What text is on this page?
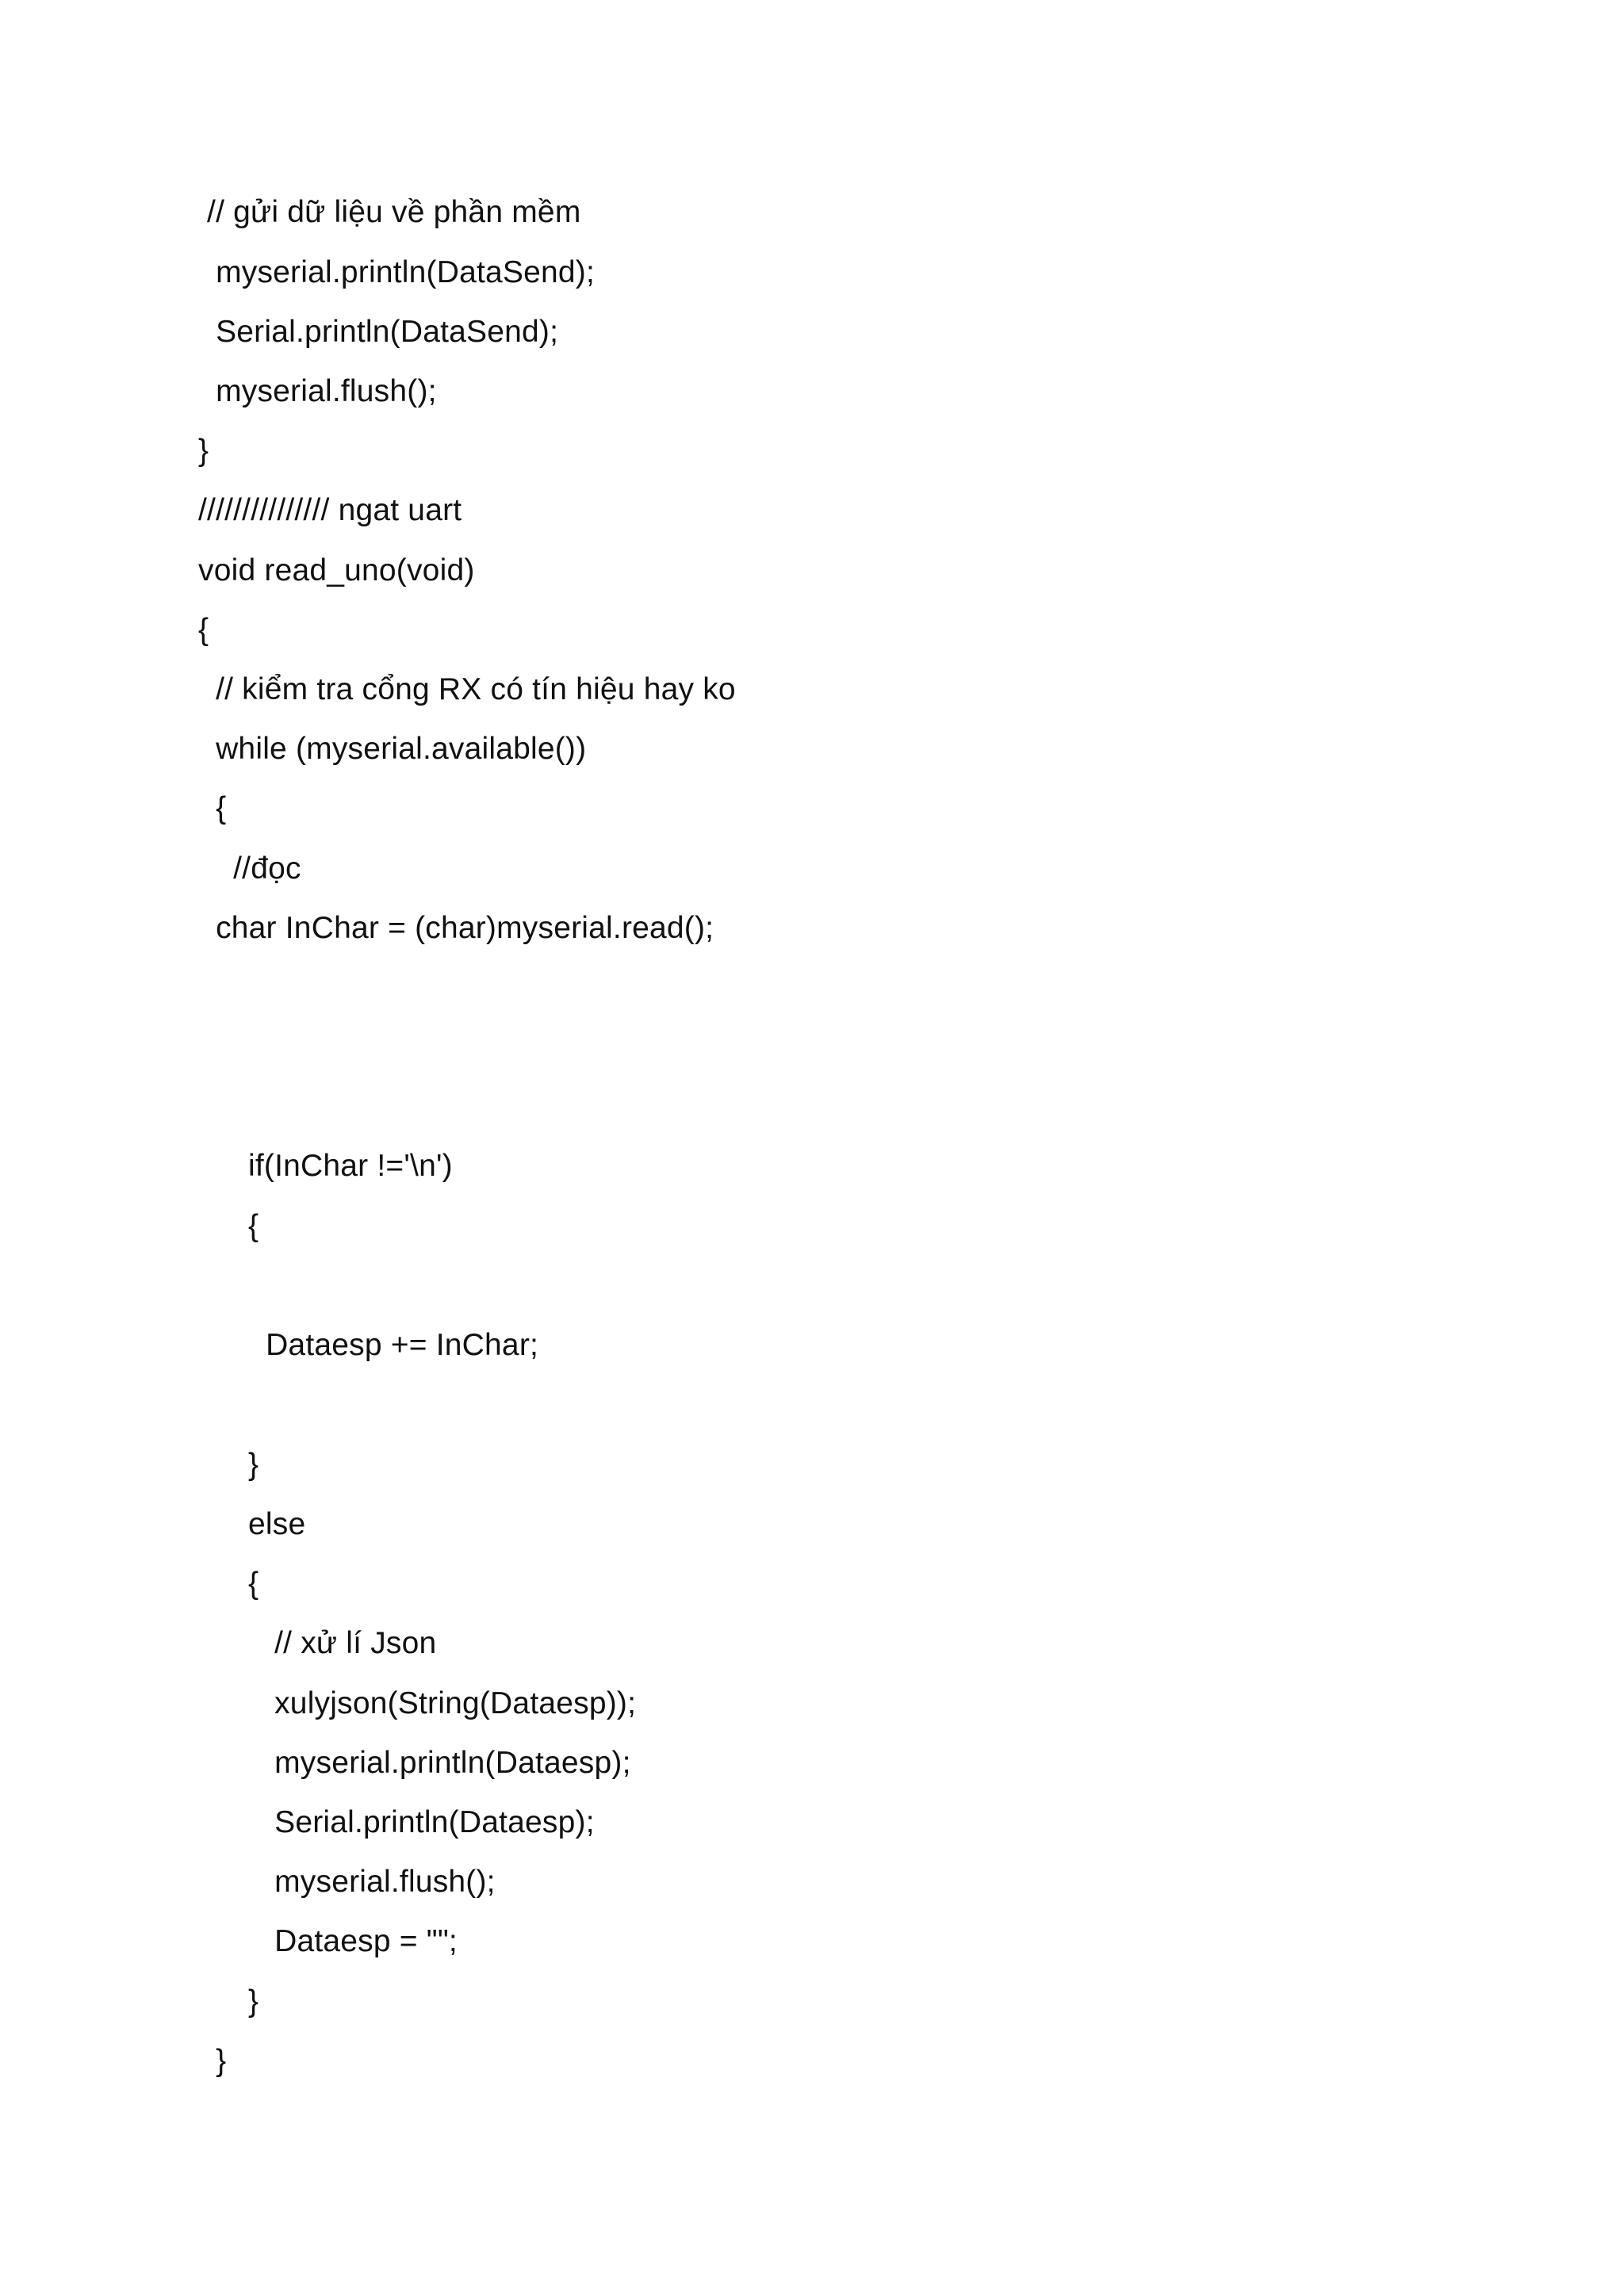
// gửi dữ liệu về phần mềm
myserial.println(DataSend);
Serial.println(DataSend);
myserial.flush();
}
/////////////// ngat uart
void read_uno(void)
{
// kiểm tra cổng RX có tín hiệu hay ko
while (myserial.available())
{
//đọc
char InChar = (char)myserial.read();
if(InChar !='\n')
{
Dataesp += InChar;
}
else
{
// xử lí Json
xulyjson(String(Dataesp));
myserial.println(Dataesp);
Serial.println(Dataesp);
myserial.flush();
Dataesp = "";
}
}
